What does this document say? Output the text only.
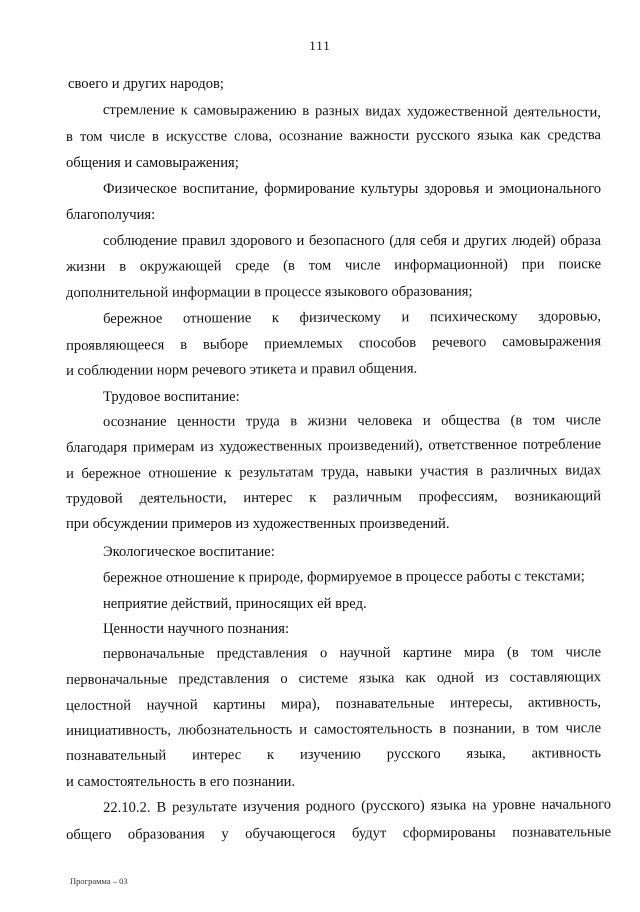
111
своего и других народов;
стремление к самовыражению в разных видах художественной деятельности,
в том числе в искусстве слова, осознание важности русского языка как средства
общения и самовыражения;
Физическое воспитание, формирование культуры здоровья и эмоционального
благополучия:
соблюдение правил здорового и безопасного (для себя и других людей) образа
жизни в окружающей среде (в том числе информационной) при поиске
дополнительной информации в процессе языкового образования;
бережное отношение к физическому и психическому здоровью,
проявляющееся в выборе приемлемых способов речевого самовыражения
и соблюдении норм речевого этикета и правил общения.
Трудовое воспитание:
осознание ценности труда в жизни человека и общества (в том числе
благодаря примерам из художественных произведений), ответственное потребление
и бережное отношение к результатам труда, навыки участия в различных видах
трудовой деятельности, интерес к различным профессиям, возникающий
при обсуждении примеров из художественных произведений.
Экологическое воспитание:
бережное отношение к природе, формируемое в процессе работы с текстами;
неприятие действий, приносящих ей вред.
Ценности научного познания:
первоначальные представления о научной картине мира (в том числе
первоначальные представления о системе языка как одной из составляющих
целостной научной картины мира), познавательные интересы, активность,
инициативность, любознательность и самостоятельность в познании, в том числе
познавательный интерес к изучению русского языка, активность
и самостоятельность в его познании.
22.10.2. В результате изучения родного (русского) языка на уровне начального
общего образования у обучающегося будут сформированы познавательные
Программа – 03
